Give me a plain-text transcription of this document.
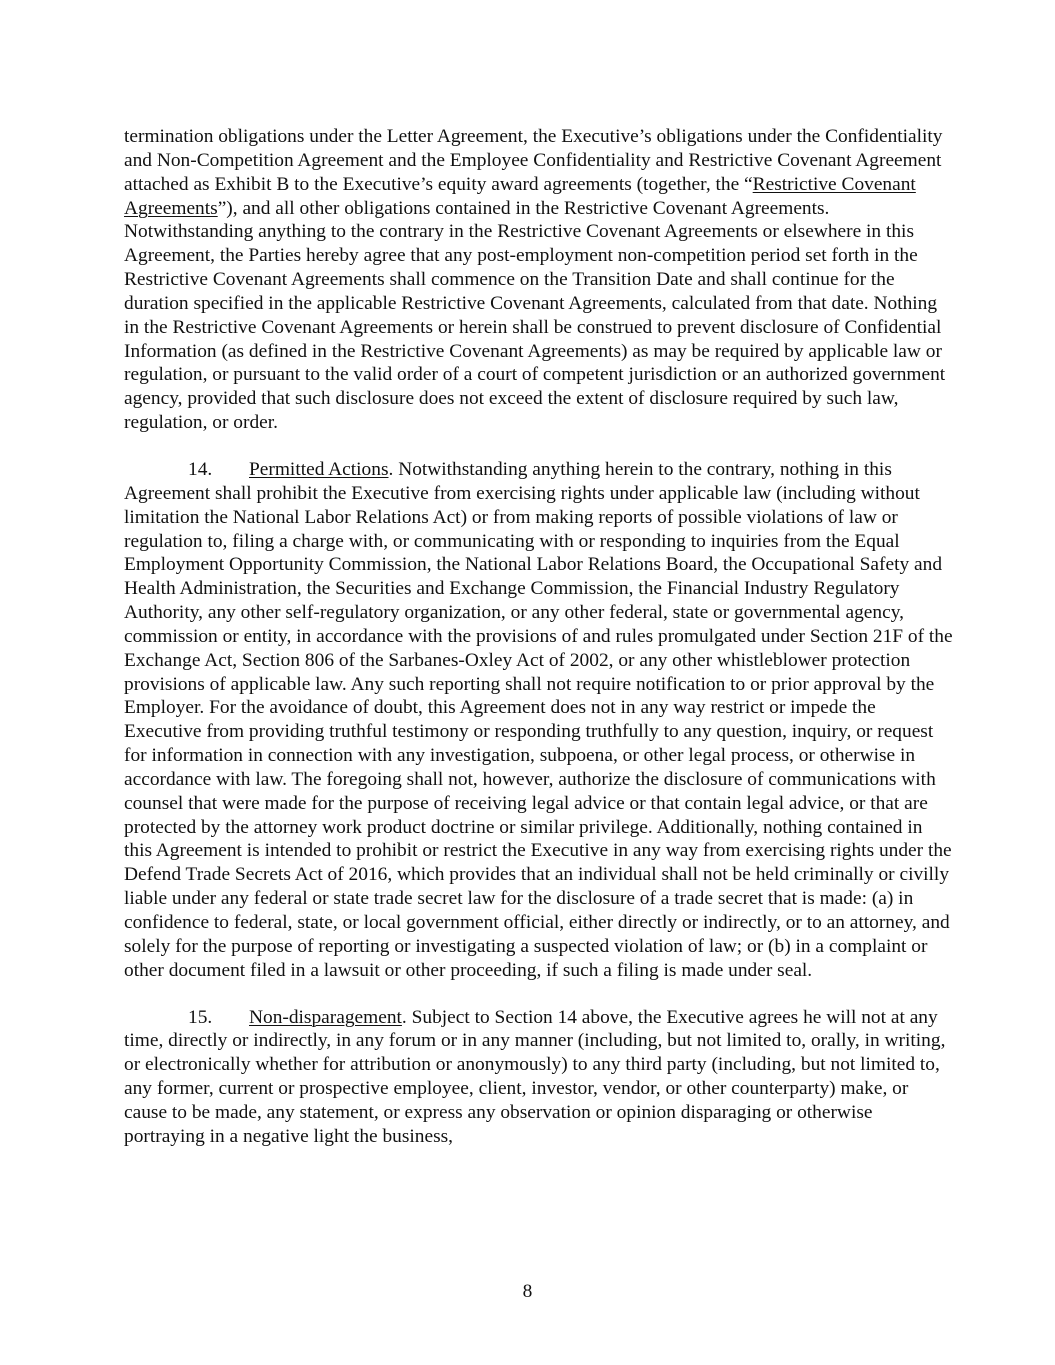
termination obligations under the Letter Agreement, the Executive’s obligations under the Confidentiality and Non-Competition Agreement and the Employee Confidentiality and Restrictive Covenant Agreement attached as Exhibit B to the Executive’s equity award agreements (together, the “Restrictive Covenant Agreements”), and all other obligations contained in the Restrictive Covenant Agreements. Notwithstanding anything to the contrary in the Restrictive Covenant Agreements or elsewhere in this Agreement, the Parties hereby agree that any post-employment non-competition period set forth in the Restrictive Covenant Agreements shall commence on the Transition Date and shall continue for the duration specified in the applicable Restrictive Covenant Agreements, calculated from that date. Nothing in the Restrictive Covenant Agreements or herein shall be construed to prevent disclosure of Confidential Information (as defined in the Restrictive Covenant Agreements) as may be required by applicable law or regulation, or pursuant to the valid order of a court of competent jurisdiction or an authorized government agency, provided that such disclosure does not exceed the extent of disclosure required by such law, regulation, or order.

14. Permitted Actions. Notwithstanding anything herein to the contrary, nothing in this Agreement shall prohibit the Executive from exercising rights under applicable law (including without limitation the National Labor Relations Act) or from making reports of possible violations of law or regulation to, filing a charge with, or communicating with or responding to inquiries from the Equal Employment Opportunity Commission, the National Labor Relations Board, the Occupational Safety and Health Administration, the Securities and Exchange Commission, the Financial Industry Regulatory Authority, any other self-regulatory organization, or any other federal, state or governmental agency, commission or entity, in accordance with the provisions of and rules promulgated under Section 21F of the Exchange Act, Section 806 of the Sarbanes-Oxley Act of 2002, or any other whistleblower protection provisions of applicable law. Any such reporting shall not require notification to or prior approval by the Employer. For the avoidance of doubt, this Agreement does not in any way restrict or impede the Executive from providing truthful testimony or responding truthfully to any question, inquiry, or request for information in connection with any investigation, subpoena, or other legal process, or otherwise in accordance with law. The foregoing shall not, however, authorize the disclosure of communications with counsel that were made for the purpose of receiving legal advice or that contain legal advice, or that are protected by the attorney work product doctrine or similar privilege. Additionally, nothing contained in this Agreement is intended to prohibit or restrict the Executive in any way from exercising rights under the Defend Trade Secrets Act of 2016, which provides that an individual shall not be held criminally or civilly liable under any federal or state trade secret law for the disclosure of a trade secret that is made: (a) in confidence to federal, state, or local government official, either directly or indirectly, or to an attorney, and solely for the purpose of reporting or investigating a suspected violation of law; or (b) in a complaint or other document filed in a lawsuit or other proceeding, if such a filing is made under seal.

15. Non-disparagement. Subject to Section 14 above, the Executive agrees he will not at any time, directly or indirectly, in any forum or in any manner (including, but not limited to, orally, in writing, or electronically whether for attribution or anonymously) to any third party (including, but not limited to, any former, current or prospective employee, client, investor, vendor, or other counterparty) make, or cause to be made, any statement, or express any observation or opinion disparaging or otherwise portraying in a negative light the business,

8
